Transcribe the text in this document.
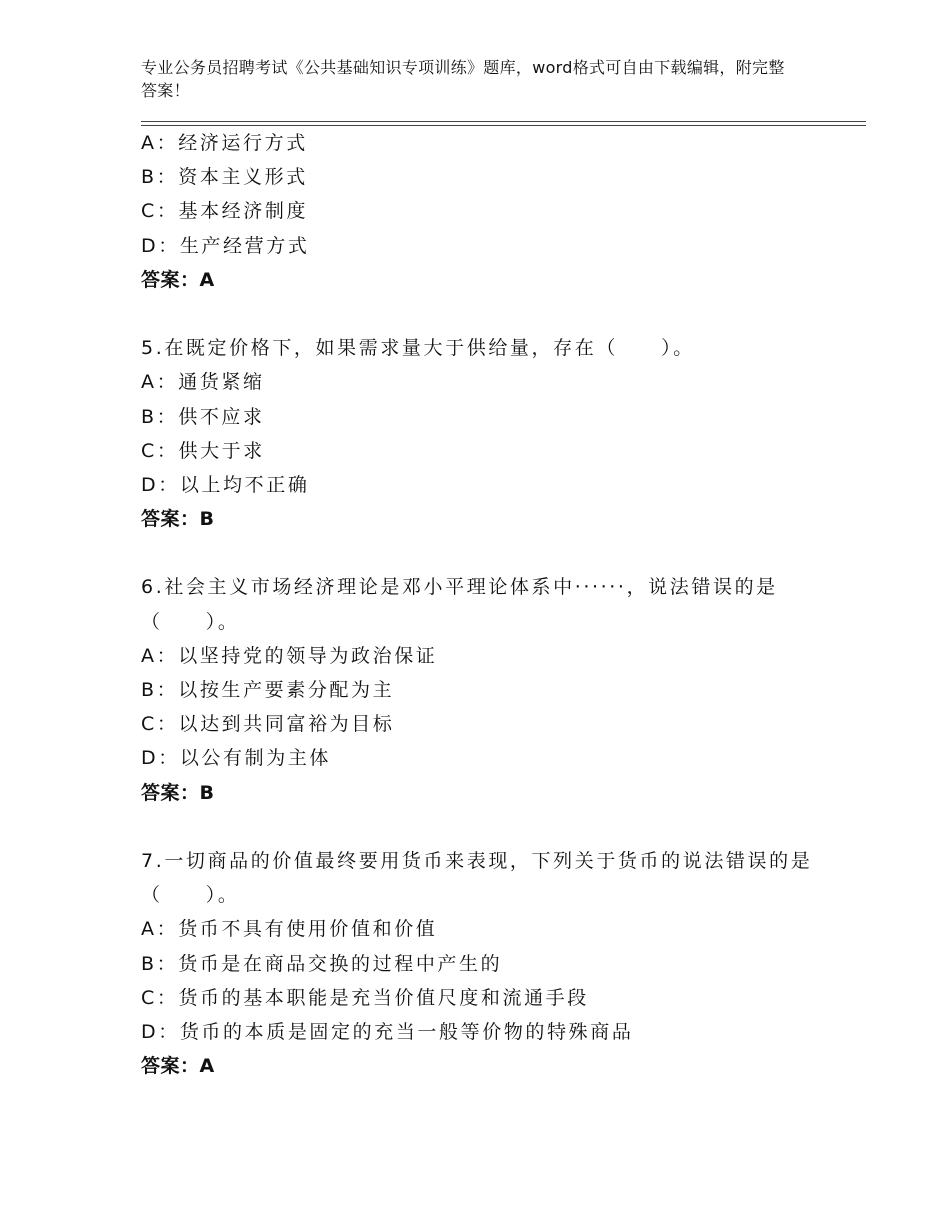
专业公务员招聘考试《公共基础知识专项训练》题库，word格式可自由下载编辑，附完整答案！
A：经济运行方式
B：资本主义形式
C：基本经济制度
D：生产经营方式
答案：A
5.在既定价格下，如果需求量大于供给量，存在（　　）。
A：通货紧缩
B：供不应求
C：供大于求
D：以上均不正确
答案：B
6.社会主义市场经济理论是邓小平理论体系中······，说法错误的是（　　）。
A：以坚持党的领导为政治保证
B：以按生产要素分配为主
C：以达到共同富裕为目标
D：以公有制为主体
答案：B
7.一切商品的价值最终要用货币来表现，下列关于货币的说法错误的是（　　）。
A：货币不具有使用价值和价值
B：货币是在商品交换的过程中产生的
C：货币的基本职能是充当价值尺度和流通手段
D：货币的本质是固定的充当一般等价物的特殊商品
答案：A
